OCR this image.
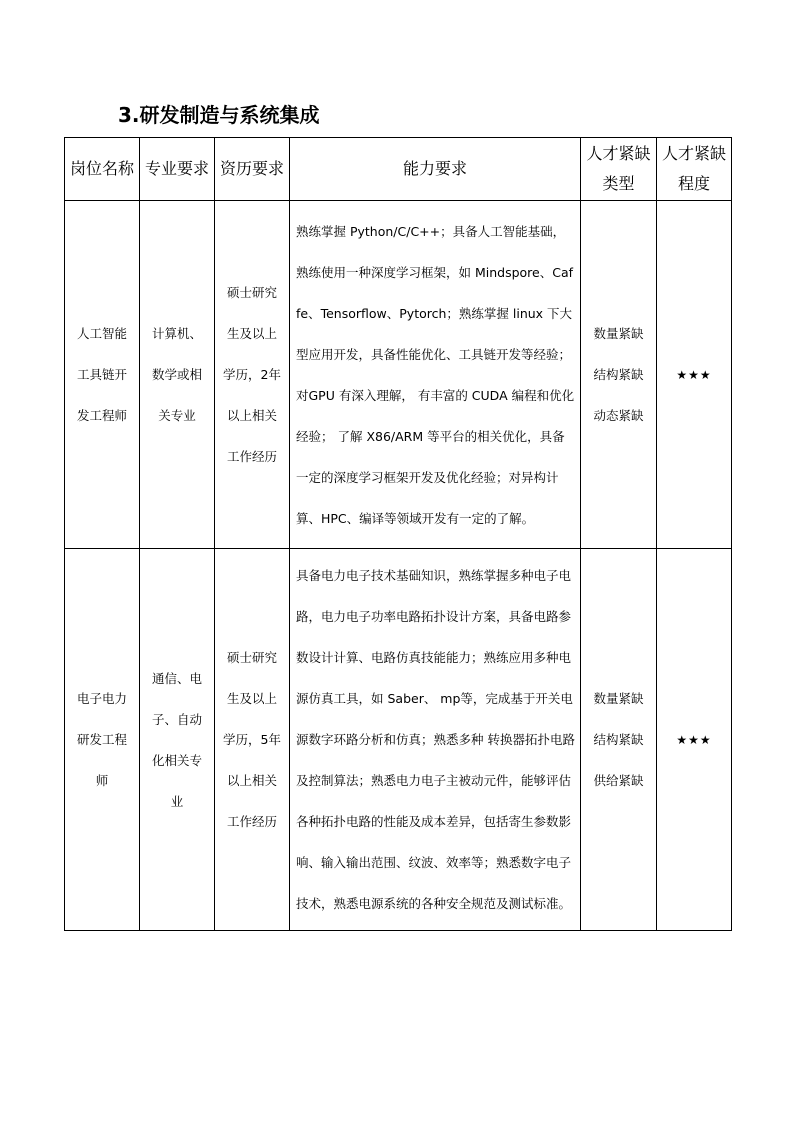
3.研发制造与系统集成
岗位名称	专业要求	资历要求	能力要求	人才紧缺类型	人才紧缺程度

人工智能工具链开发工程师	计算机、数学或相关专业	硕士研究生及以上学历，2年以上相关工作经历	熟练掌握 Python/C/C++；具备人工智能基础，熟练使用一种深度学习框架，如 Mindspore、Caffe、Tensorflow、Pytorch；熟练掌握 linux 下大型应用开发，具备性能优化、工具链开发等经验；对GPU 有深入理解， 有丰富的 CUDA 编程和优化经验； 了解 X86/ARM 等平台的相关优化，具备一定的深度学习框架开发及优化经验；对异构计算、HPC、编译等领域开发有一定的了解。	数量紧缺 结构紧缺 动态紧缺	★★★

电子电力研发工程师	通信、电子、自动化相关专业	硕士研究生及以上学历，5年以上相关工作经历	具备电力电子技术基础知识，熟练掌握多种电子电路，电力电子功率电路拓扑设计方案，具备电路参数设计计算、电路仿真技能能力；熟练应用多种电源仿真工具，如 Saber、 mp等，完成基于开关电源数字环路分析和仿真；熟悉多种 转换器拓扑电路及控制算法；熟悉电力电子主被动元件，能够评估各种拓扑电路的性能及成本差异，包括寄生参数影响、输入输出范围、纹波、效率等；熟悉数字电子技术，熟悉电源系统的各种安全规范及测试标准。	数量紧缺 结构紧缺 供给紧缺	★★★
